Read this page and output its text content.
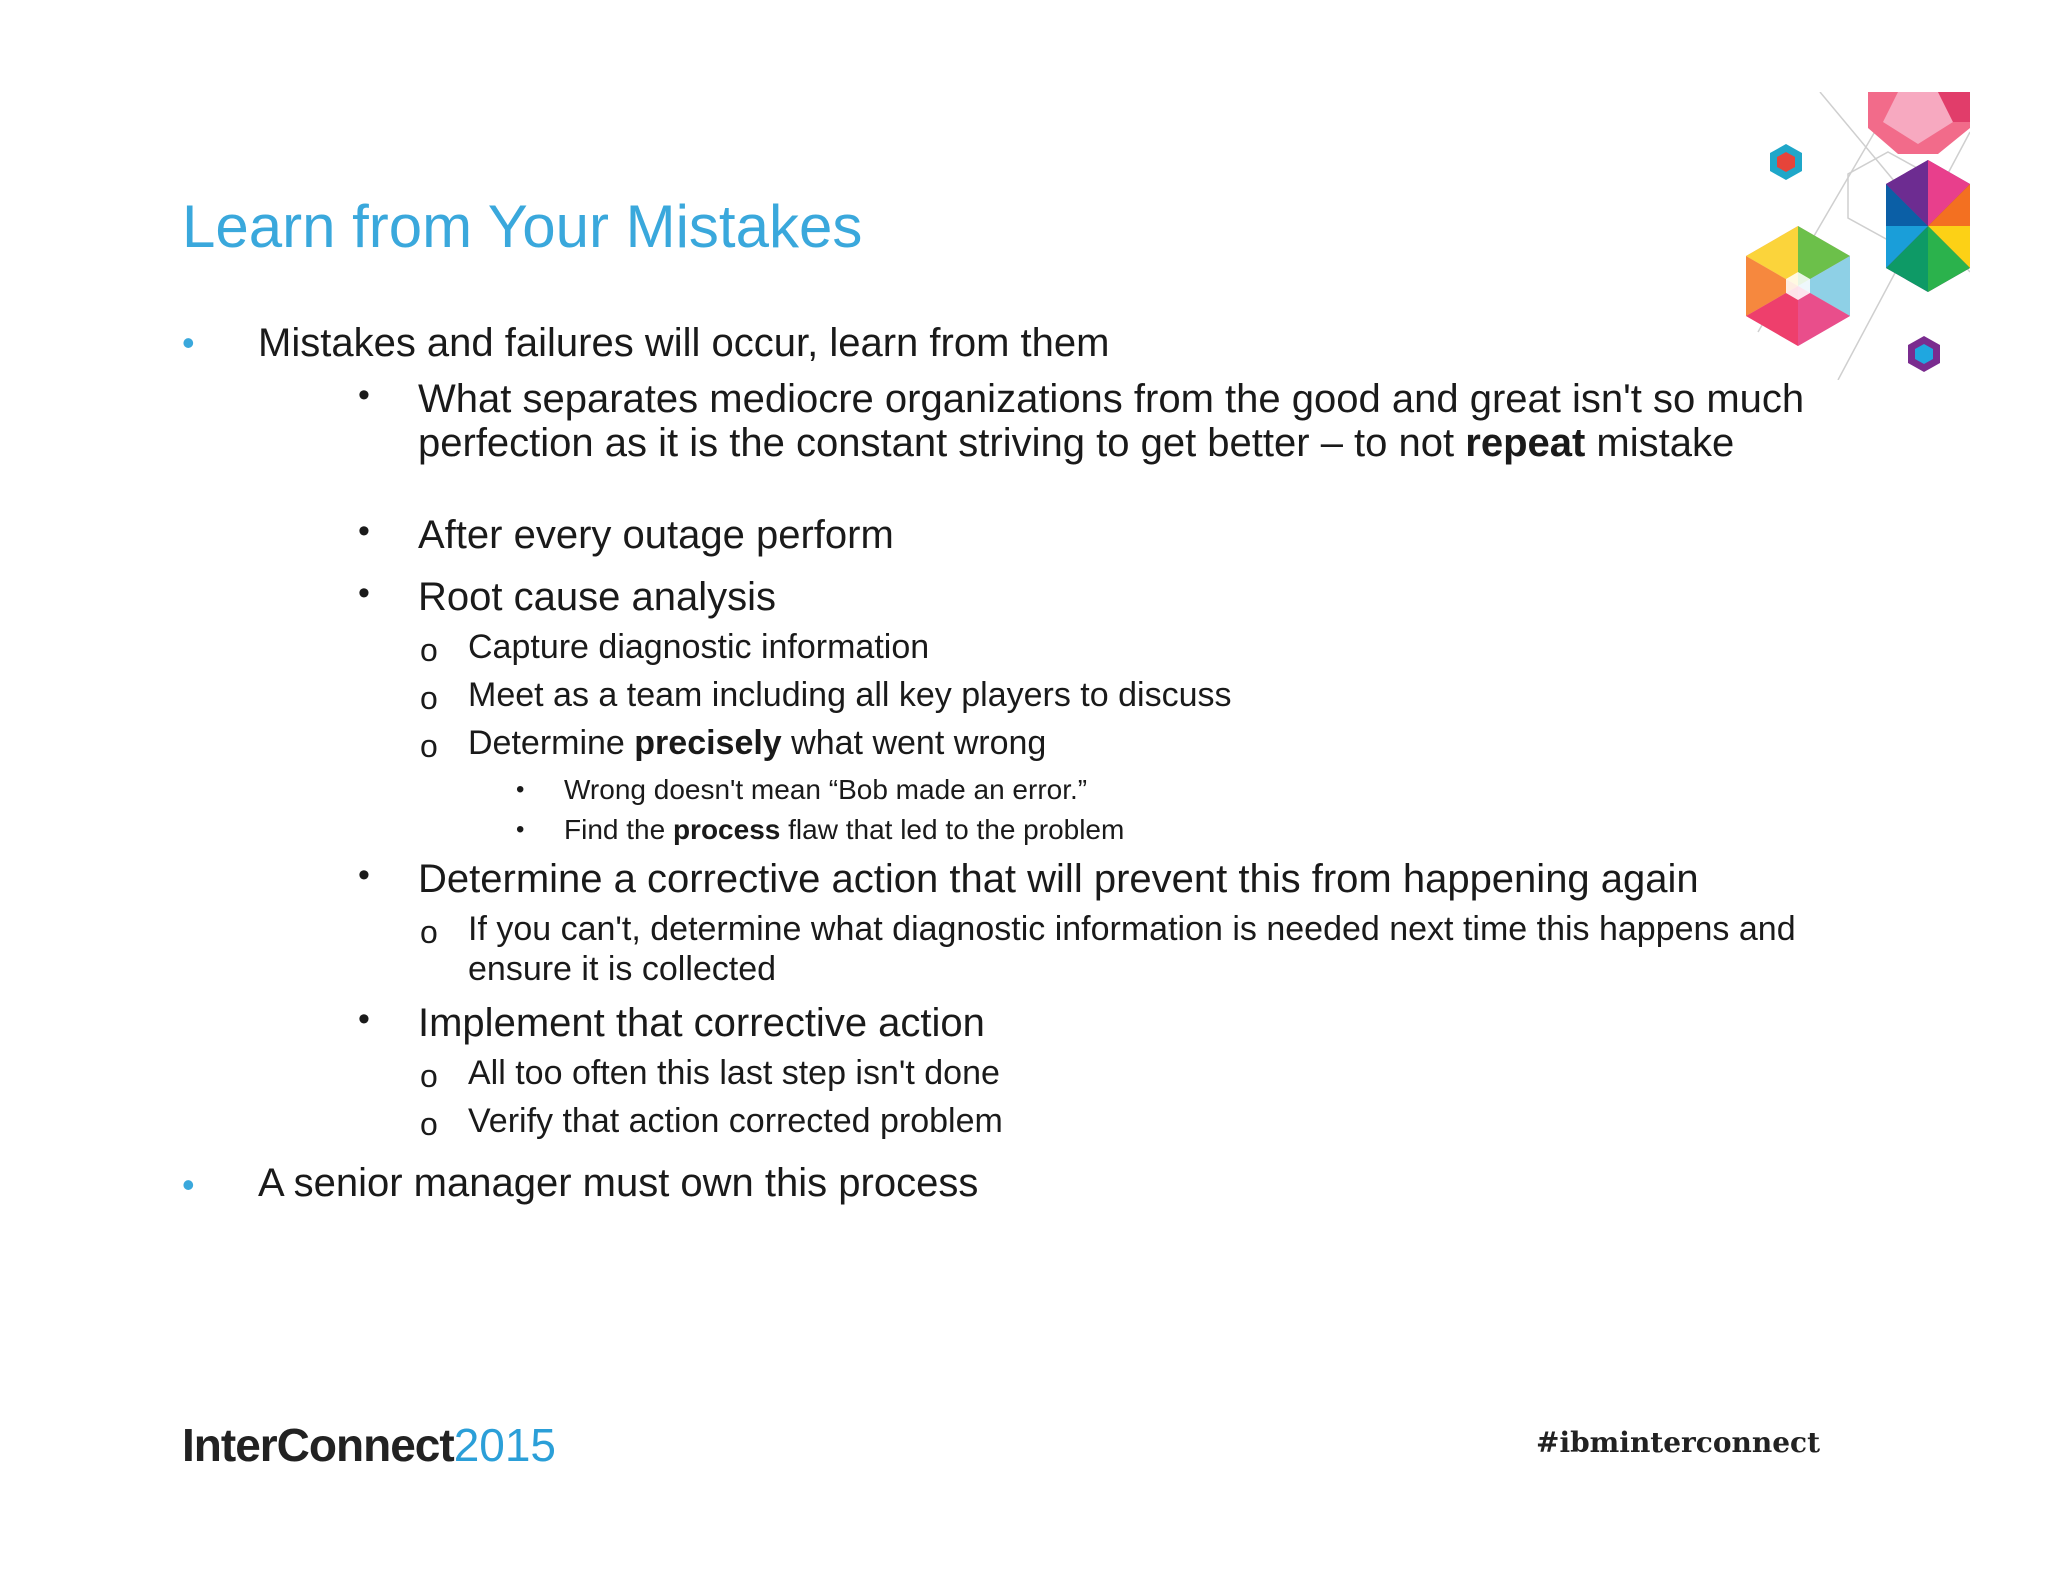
Learn from Your Mistakes
• Mistakes and failures will occur, learn from them
• What separates mediocre organizations from the good and great isn't so much
perfection as it is the constant striving to get better – to not repeat mistake
• After every outage perform
• Root cause analysis
o Capture diagnostic information
o Meet as a team including all key players to discuss
o Determine precisely what went wrong
• Wrong doesn't mean “Bob made an error.”
• Find the process flaw that led to the problem
• Determine a corrective action that will prevent this from happening again
o If you can't, determine what diagnostic information is needed next time this happens and
ensure it is collected
• Implement that corrective action
o All too often this last step isn't done
o Verify that action corrected problem
• A senior manager must own this process
InterConnect2015	#ibminterconnect
